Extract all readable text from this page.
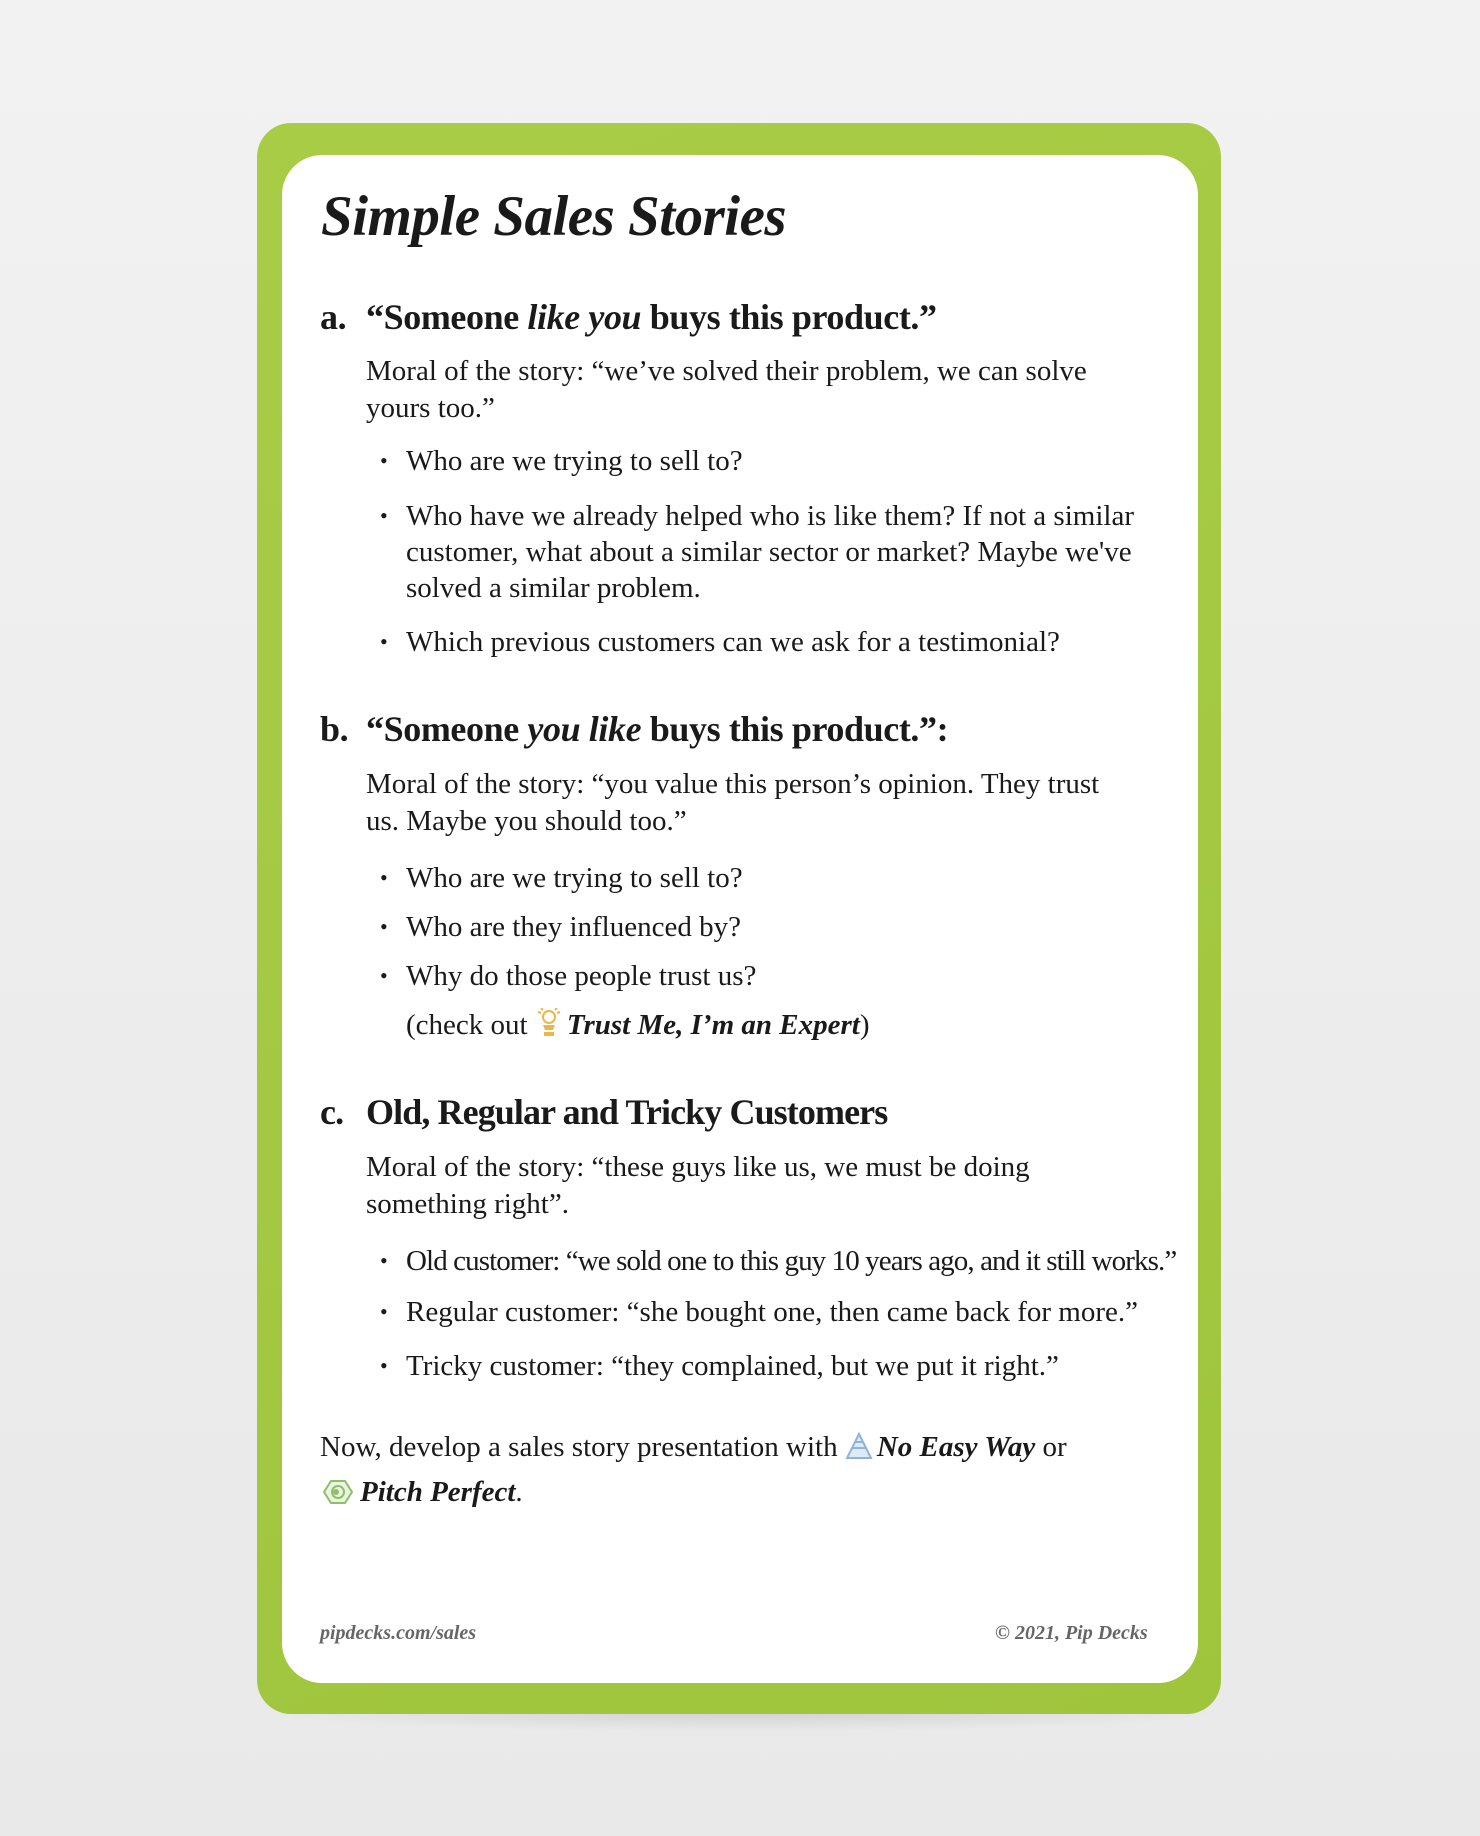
Simple Sales Stories
a. “Someone like you buys this product.”
Moral of the story: “we’ve solved their problem, we can solve
yours too.”
• Who are we trying to sell to?
• Who have we already helped who is like them? If not a similar customer, what about a similar sector or market? Maybe we've solved a similar problem.
• Which previous customers can we ask for a testimonial?
b. “Someone you like buys this product.”:
Moral of the story: “you value this person’s opinion. They trust
us. Maybe you should too.”
• Who are we trying to sell to?
• Who are they influenced by?
• Why do those people trust us?
(check out Trust Me, I’m an Expert)
c. Old, Regular and Tricky Customers
Moral of the story: “these guys like us, we must be doing
something right”.
• Old customer: “we sold one to this guy 10 years ago, and it still works.”
• Regular customer: “she bought one, then came back for more.”
• Tricky customer: “they complained, but we put it right.”
Now, develop a sales story presentation with No Easy Way or
Pitch Perfect.
pipdecks.com/sales	© 2021, Pip Decks
